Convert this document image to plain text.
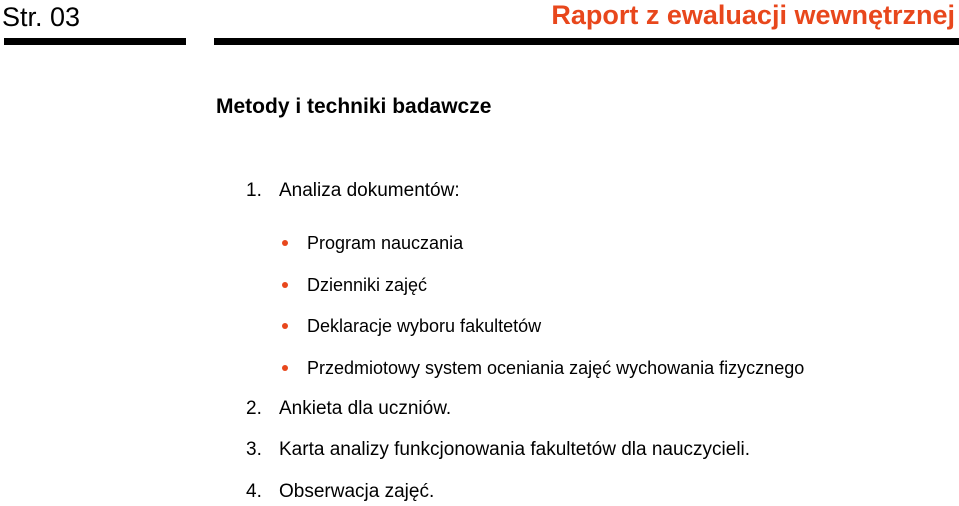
Str. 03	Raport z ewaluacji wewnętrznej
Metody i techniki badawcze
1. Analiza dokumentów:
Program nauczania
Dzienniki zajęć
Deklaracje wyboru fakultetów
Przedmiotowy system oceniania zajęć wychowania fizycznego
2. Ankieta dla uczniów.
3. Karta analizy funkcjonowania fakultetów dla nauczycieli.
4. Obserwacja zajęć.
